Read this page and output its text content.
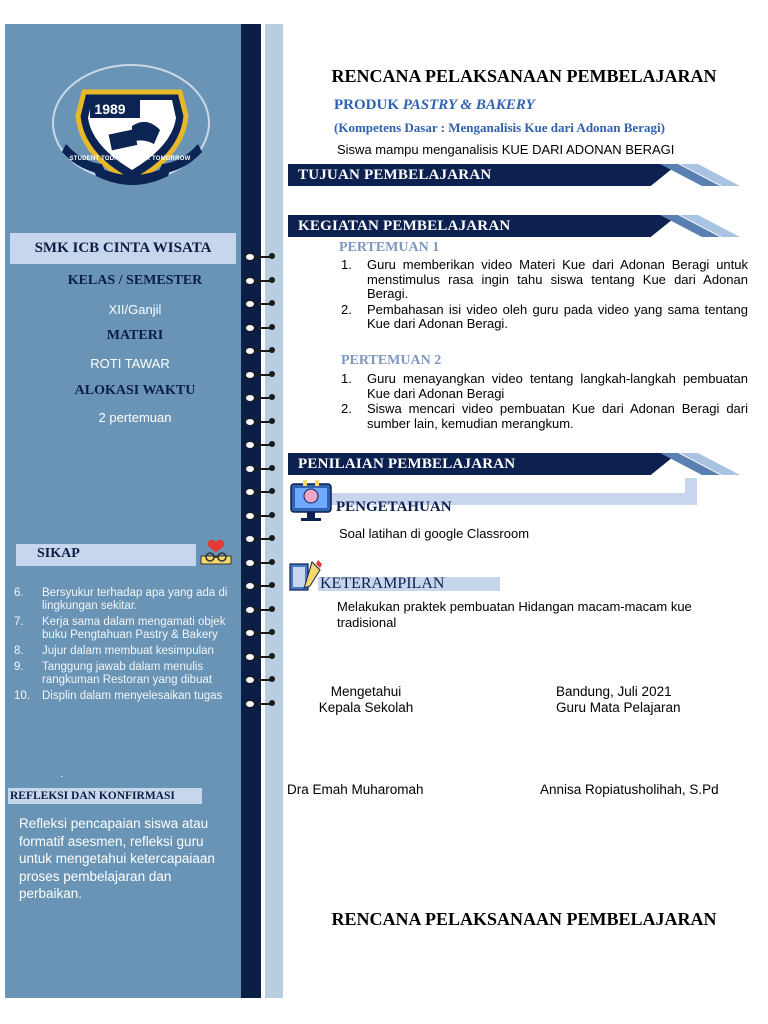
1989
STUDENT TODAY LEADER TOMORROW
SMK ICB CINTA WISATA
KELAS / SEMESTER
XII/Ganjil
MATERI
ROTI TAWAR
ALOKASI WAKTU
2 pertemuan
SIKAP
6. Bersyukur terhadap apa yang ada di lingkungan sekitar.
7. Kerja sama dalam mengamati objek buku Pengtahuan Pastry & Bakery
8. Jujur dalam membuat kesimpulan
9. Tanggung jawab dalam menulis rangkuman Restoran yang dibuat
10. Displin dalam menyelesaikan tugas
.
REFLEKSI DAN KONFIRMASI
Refleksi pencapaian siswa atau formatif asesmen, refleksi guru untuk mengetahui ketercapaiaan proses pembelajaran dan perbaikan.
RENCANA PELAKSANAAN PEMBELAJARAN
PRODUK PASTRY & BAKERY
(Kompetens Dasar : Menganalisis Kue dari Adonan Beragi)
Siswa mampu menganalisis KUE DARI ADONAN BERAGI
TUJUAN PEMBELAJARAN
KEGIATAN PEMBELAJARAN
PERTEMUAN 1
1. Guru memberikan video Materi Kue dari Adonan Beragi untuk menstimulus rasa ingin tahu siswa tentang Kue dari Adonan Beragi.
2. Pembahasan isi video oleh guru pada video yang sama tentang Kue dari Adonan Beragi.
PERTEMUAN 2
1. Guru menayangkan video tentang langkah-langkah pembuatan Kue dari Adonan Beragi
2. Siswa mencari video pembuatan Kue dari Adonan Beragi dari sumber lain, kemudian merangkum.
PENILAIAN PEMBELAJARAN
PENGETAHUAN
Soal latihan di google Classroom
KETERAMPILAN
Melakukan praktek pembuatan Hidangan macam-macam kue tradisional
Mengetahui
Kepala Sekolah
Bandung, Juli 2021
Guru Mata Pelajaran
Dra Emah Muharomah	Annisa Ropiatusholihah, S.Pd
RENCANA PELAKSANAAN PEMBELAJARAN
